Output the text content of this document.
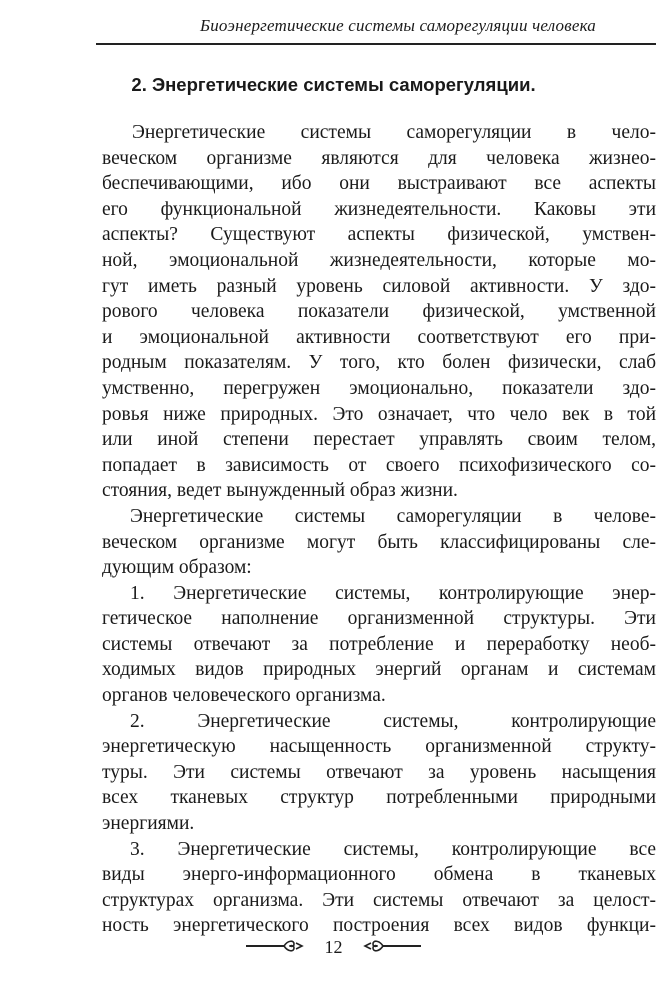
Биоэнергетические системы саморегуляции человека
2. Энергетические системы саморегуляции.

Энергетические системы саморегуляции в чело-

веческом организме являются для человека жизнео-

беспечивающими, ибо они выстраивают все аспекты

его функциональной жизнедеятельности. Каковы эти

аспекты? Существуют аспекты физической, умствен-

ной, эмоциональной жизнедеятельности, которые мо-

гут иметь разный уровень силовой активности. У здо-

рового человека показатели физической, умственной

и эмоциональной активности соответствуют его при-

родным показателям. У того, кто болен физически, слаб

умственно, перегружен эмоционально, показатели здо-

ровья ниже природных. Это означает, что чело век в той

или иной степени перестает управлять своим телом,

попадает в зависимость от своего психофизического со-

стояния, ведет вынужденный образ жизни.

Энергетические системы саморегуляции в челове-

веческом организме могут быть классифицированы сле-

дующим образом:

1. Энергетические системы, контролирующие энер-

гетическое наполнение организменной структуры. Эти

системы отвечают за потребление и переработку необ-

ходимых видов природных энергий органам и системам

органов человеческого организма.

2. Энергетические системы, контролирующие

энергетическую насыщенность организменной структу-

туры. Эти системы отвечают за уровень насыщения

всех тканевых структур потребленными природными

энергиями.

3. Энергетические системы, контролирующие все

виды энерго-информационного обмена в тканевых

структурах организма. Эти системы отвечают за целост-

ность энергетического построения всех видов функци-

12
